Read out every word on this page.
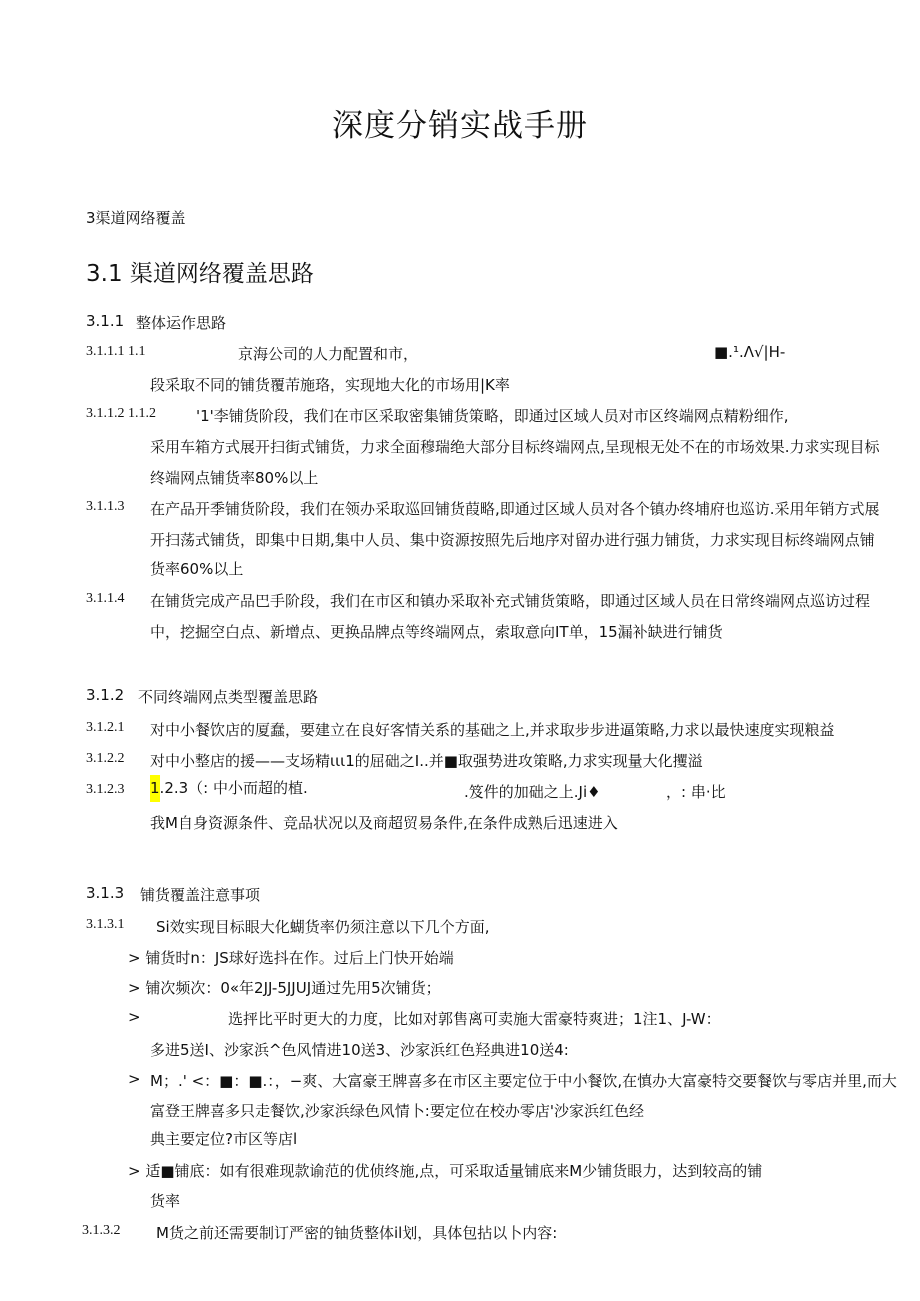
深度分销实战手册
3渠道网络覆盖
3.1 渠道网络覆盖思路
3.1.1 整体运作思路
3.1.1.1 1.1	京海公司的人力配置和市，	■.¹.Λ√|H-
段采取不同的铺货覆芾施珞，实现地大化的市场用|K率
3.1.1.2 1.1.2	'1'李铺货阶段，我们在市区采取密集铺货策略，即通过区域人员对市区终端网点精粉细作,
采用车箱方式展开扫街式铺货，力求全面穆瑞绝大部分目标终端网点,呈现根无处不在的市场效果.力求实现目标
终端网点铺货率80%以上
3.1.1.3 在产品开季铺货阶段，我们在领办采取巡回铺货葭略,即通过区域人员对各个镇办终埔府也巡访.采用年销方式展
开扫荡式铺货，即集中日期,集中人员、集中资源按照先后地序对留办进行强力铺货，力求实现目标终端网点铺
货率60%以上
3.1.1.4 在铺货完成产品巴手阶段，我们在市区和镇办采取补充式铺货策略，即通过区域人员在日常终端网点巡访过程
中，挖掘空白点、新增点、更换品牌点等终端网点，索取意向IT单，15漏补缺进行铺货
3.1.2 不同终端网点类型覆盖思路
3.1.2.1 对中小餐饮店的厦蠢，要建立在良好客情关系的基础之上,并求取步步进逼策略,力求以最快速度实现粮益
3.1.2.2 对中小整店的援——支场精ιιι1的屈础之I..并■取强势进攻策略,力求实现量大化攫溢
3.1.2.3 1.2.3（: 中小而超的植.	.笈件的加础之上.Ji♦	，: 串·比
我M自身资源条件、竞品状况以及商超贸易条件,在条件成熟后迅速进入
3.1.3 铺货覆盖注意事项
3.1.3.1 Si效实现目标眼大化蝴货率仍须注意以下几个方面,
> 铺货时n：JS球好选抖在作。过后上门快开始端
> 铺次频次：0«年2JJ-5JJUJ通过先用5次铺货；
>	选抨比平时更大的力度，比如对郭售离可卖施大雷豪特爽进；1注1、J-W：
多进5送I、沙家浜^色风情进10送3、沙家浜红色羟典进10送4:
> M；.' <：■：■.：，−爽、大富豪王牌喜多在市区主要定位于中小餐饮,在慎办大富豪特交要餐饮与零店并里,而大
富登王牌喜多只走餐饮,沙家浜绿色风情卜:要定位在校办零店'沙家浜红色经
典主要定位?市区等店l
> 适■铺底：如有很难现款谕范的优侦终施,点，可采取适量铺底来M少铺货眼力，达到较高的铺
货率
3.1.3.2 M货之前还需要制订严密的铀货整体il划，具体包拈以卜内容:
